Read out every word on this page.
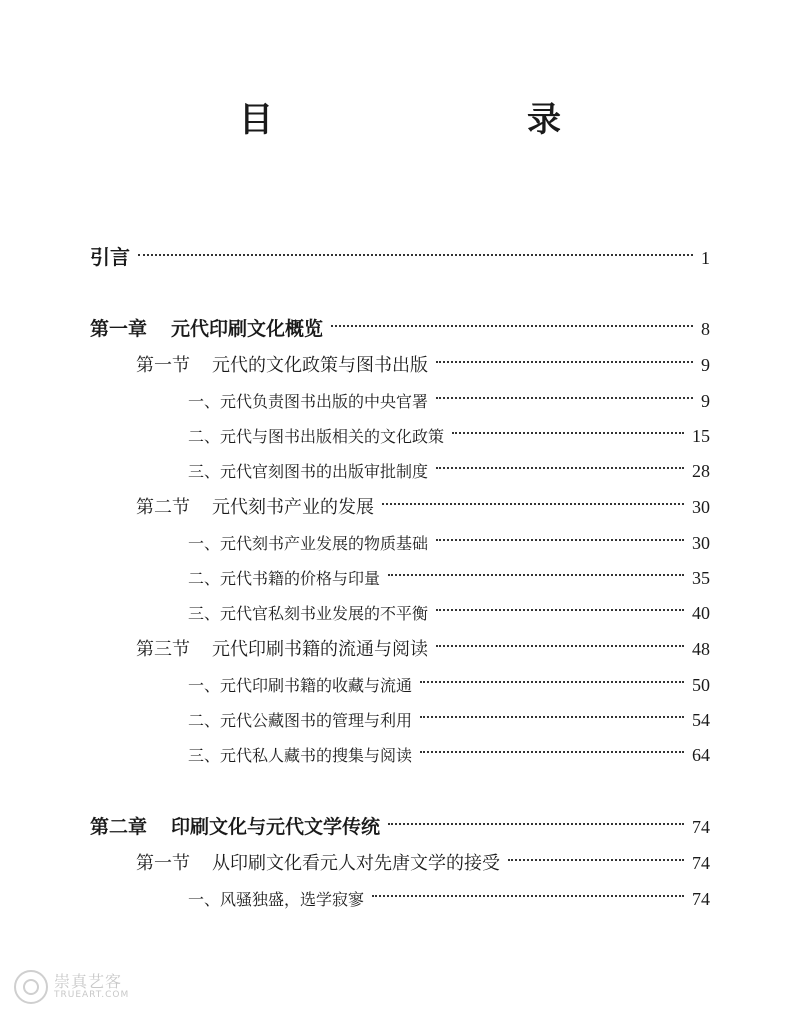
目　　录
引言	1
第一章 元代印刷文化概览	8
第一节 元代的文化政策与图书出版	9
一、元代负责图书出版的中央官署	9
二、元代与图书出版相关的文化政策	15
三、元代官刻图书的出版审批制度	28
第二节 元代刻书产业的发展	30
一、元代刻书产业发展的物质基础	30
二、元代书籍的价格与印量	35
三、元代官私刻书业发展的不平衡	40
第三节 元代印刷书籍的流通与阅读	48
一、元代印刷书籍的收藏与流通	50
二、元代公藏图书的管理与利用	54
三、元代私人藏书的搜集与阅读	64
第二章 印刷文化与元代文学传统	74
第一节 从印刷文化看元人对先唐文学的接受	74
一、风骚独盛，选学寂寥	74
崇真艺客
TRUEART.COM
